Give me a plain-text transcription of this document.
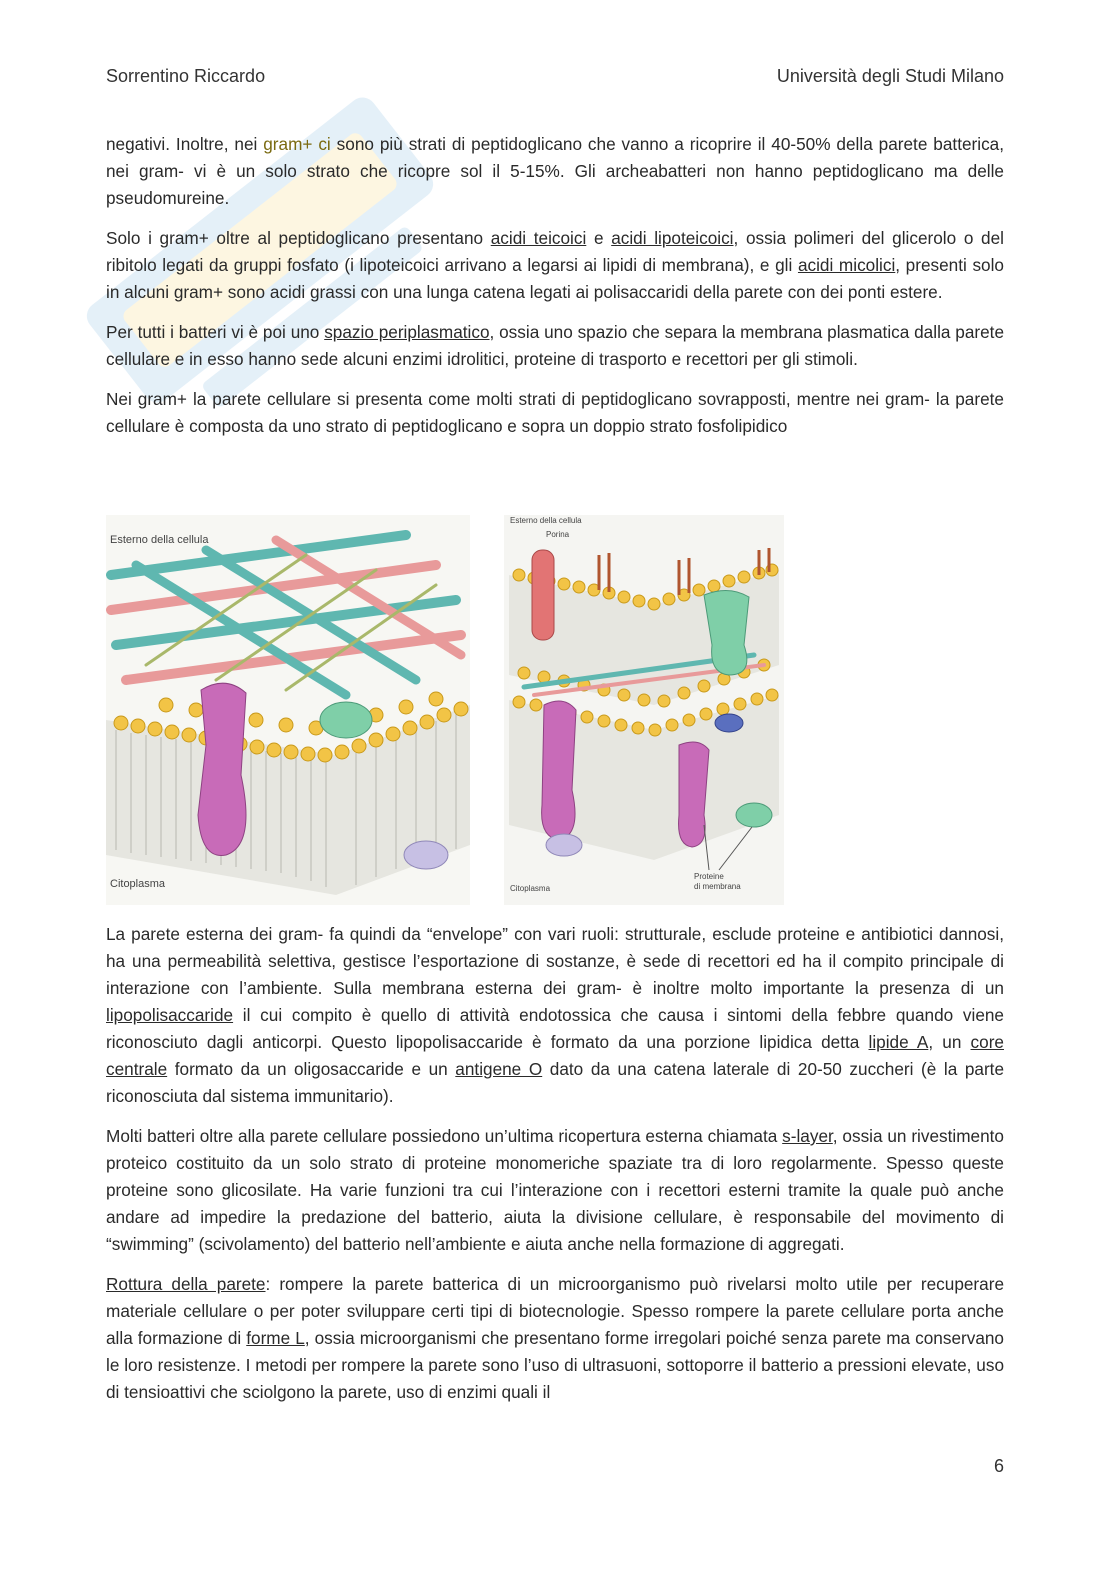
Sorrentino Riccardo	Università degli Studi Milano

negativi. Inoltre, nei gram+ ci sono più strati di peptidoglicano che vanno a ricoprire il 40-50% della parete batterica, nei gram- vi è un solo strato che ricopre sol il 5-15%. Gli archeabatteri non hanno peptidoglicano ma delle pseudomureine.

Solo i gram+ oltre al peptidoglicano presentano acidi teicoici e acidi lipoteicoici, ossia polimeri del glicerolo o del ribitolo legati da gruppi fosfato (i lipoteicoici arrivano a legarsi ai lipidi di membrana), e gli acidi micolici, presenti solo in alcuni gram+ sono acidi grassi con una lunga catena legati ai polisaccaridi della parete con dei ponti estere.

Per tutti i batteri vi è poi uno spazio periplasmatico, ossia uno spazio che separa la membrana plasmatica dalla parete cellulare e in esso hanno sede alcuni enzimi idrolitici, proteine di trasporto e recettori per gli stimoli.

Nei gram+ la parete cellulare si presenta come molti strati di peptidoglicano sovrapposti, mentre nei gram- la parete cellulare è composta da uno strato di peptidoglicano e sopra un doppio strato fosfolipidico

Esterno della cellula
Citoplasma
Esterno della cellula
Porina
Citoplasma
Proteine
di membrana

La parete esterna dei gram- fa quindi da “envelope” con vari ruoli: strutturale, esclude proteine e antibiotici dannosi, ha una permeabilità selettiva, gestisce l’esportazione di sostanze, è sede di recettori ed ha il compito principale di interazione con l’ambiente. Sulla membrana esterna dei gram- è inoltre molto importante la presenza di un lipopolisaccaride il cui compito è quello di attività endotossica che causa i sintomi della febbre quando viene riconosciuto dagli anticorpi. Questo lipopolisaccaride è formato da una porzione lipidica detta lipide A, un core centrale formato da un oligosaccaride e un antigene O dato da una catena laterale di 20-50 zuccheri (è la parte riconosciuta dal sistema immunitario).

Molti batteri oltre alla parete cellulare possiedono un’ultima ricopertura esterna chiamata s-layer, ossia un rivestimento proteico costituito da un solo strato di proteine monomeriche spaziate tra di loro regolarmente. Spesso queste proteine sono glicosilate. Ha varie funzioni tra cui l’interazione con i recettori esterni tramite la quale può anche andare ad impedire la predazione del batterio, aiuta la divisione cellulare, è responsabile del movimento di “swimming” (scivolamento) del batterio nell’ambiente e aiuta anche nella formazione di aggregati.

Rottura della parete: rompere la parete batterica di un microorganismo può rivelarsi molto utile per recuperare materiale cellulare o per poter sviluppare certi tipi di biotecnologie. Spesso rompere la parete cellulare porta anche alla formazione di forme L, ossia microorganismi che presentano forme irregolari poiché senza parete ma conservano le loro resistenze. I metodi per rompere la parete sono l’uso di ultrasuoni, sottoporre il batterio a pressioni elevate, uso di tensioattivi che sciolgono la parete, uso di enzimi quali il

6
